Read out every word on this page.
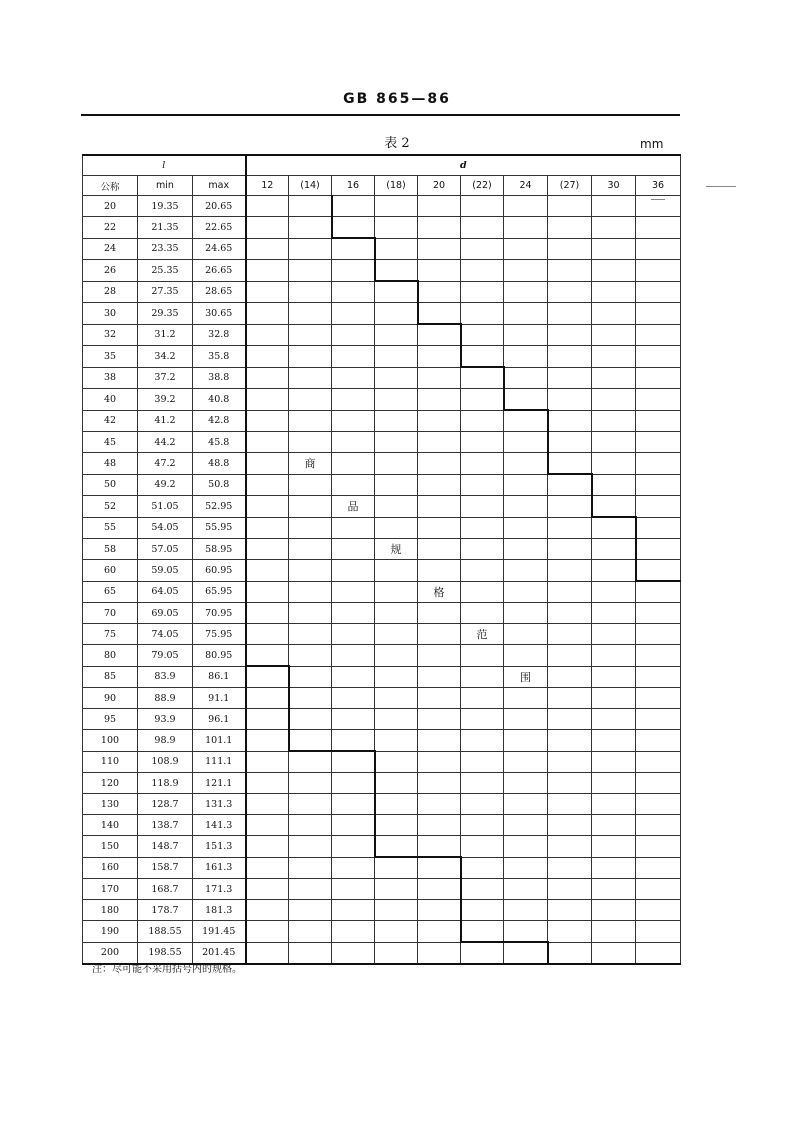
GB 865—86
表 2	mm
l			d									
公称	min	max	12	(14)	16	(18)	20	(22)	24	(27)	30	36
20	19.35	20.65										
22	21.35	22.65										
24	23.35	24.65										
26	25.35	26.65										
28	27.35	28.65										
30	29.35	30.65										
32	31.2	32.8										
35	34.2	35.8										
38	37.2	38.8										
40	39.2	40.8										
42	41.2	42.8										
45	44.2	45.8										
48	47.2	48.8		商								
50	49.2	50.8										
52	51.05	52.95			品							
55	54.05	55.95										
58	57.05	58.95				规						
60	59.05	60.95										
65	64.05	65.95					格					
70	69.05	70.95										
75	74.05	75.95						范				
80	79.05	80.95										
85	83.9	86.1							围			
90	88.9	91.1										
95	93.9	96.1										
100	98.9	101.1										
110	108.9	111.1										
120	118.9	121.1										
130	128.7	131.3										
140	138.7	141.3										
150	148.7	151.3										
160	158.7	161.3										
170	168.7	171.3										
180	178.7	181.3										
190	188.55	191.45										
200	198.55	201.45										
注：尽可能不采用括号内的规格。
